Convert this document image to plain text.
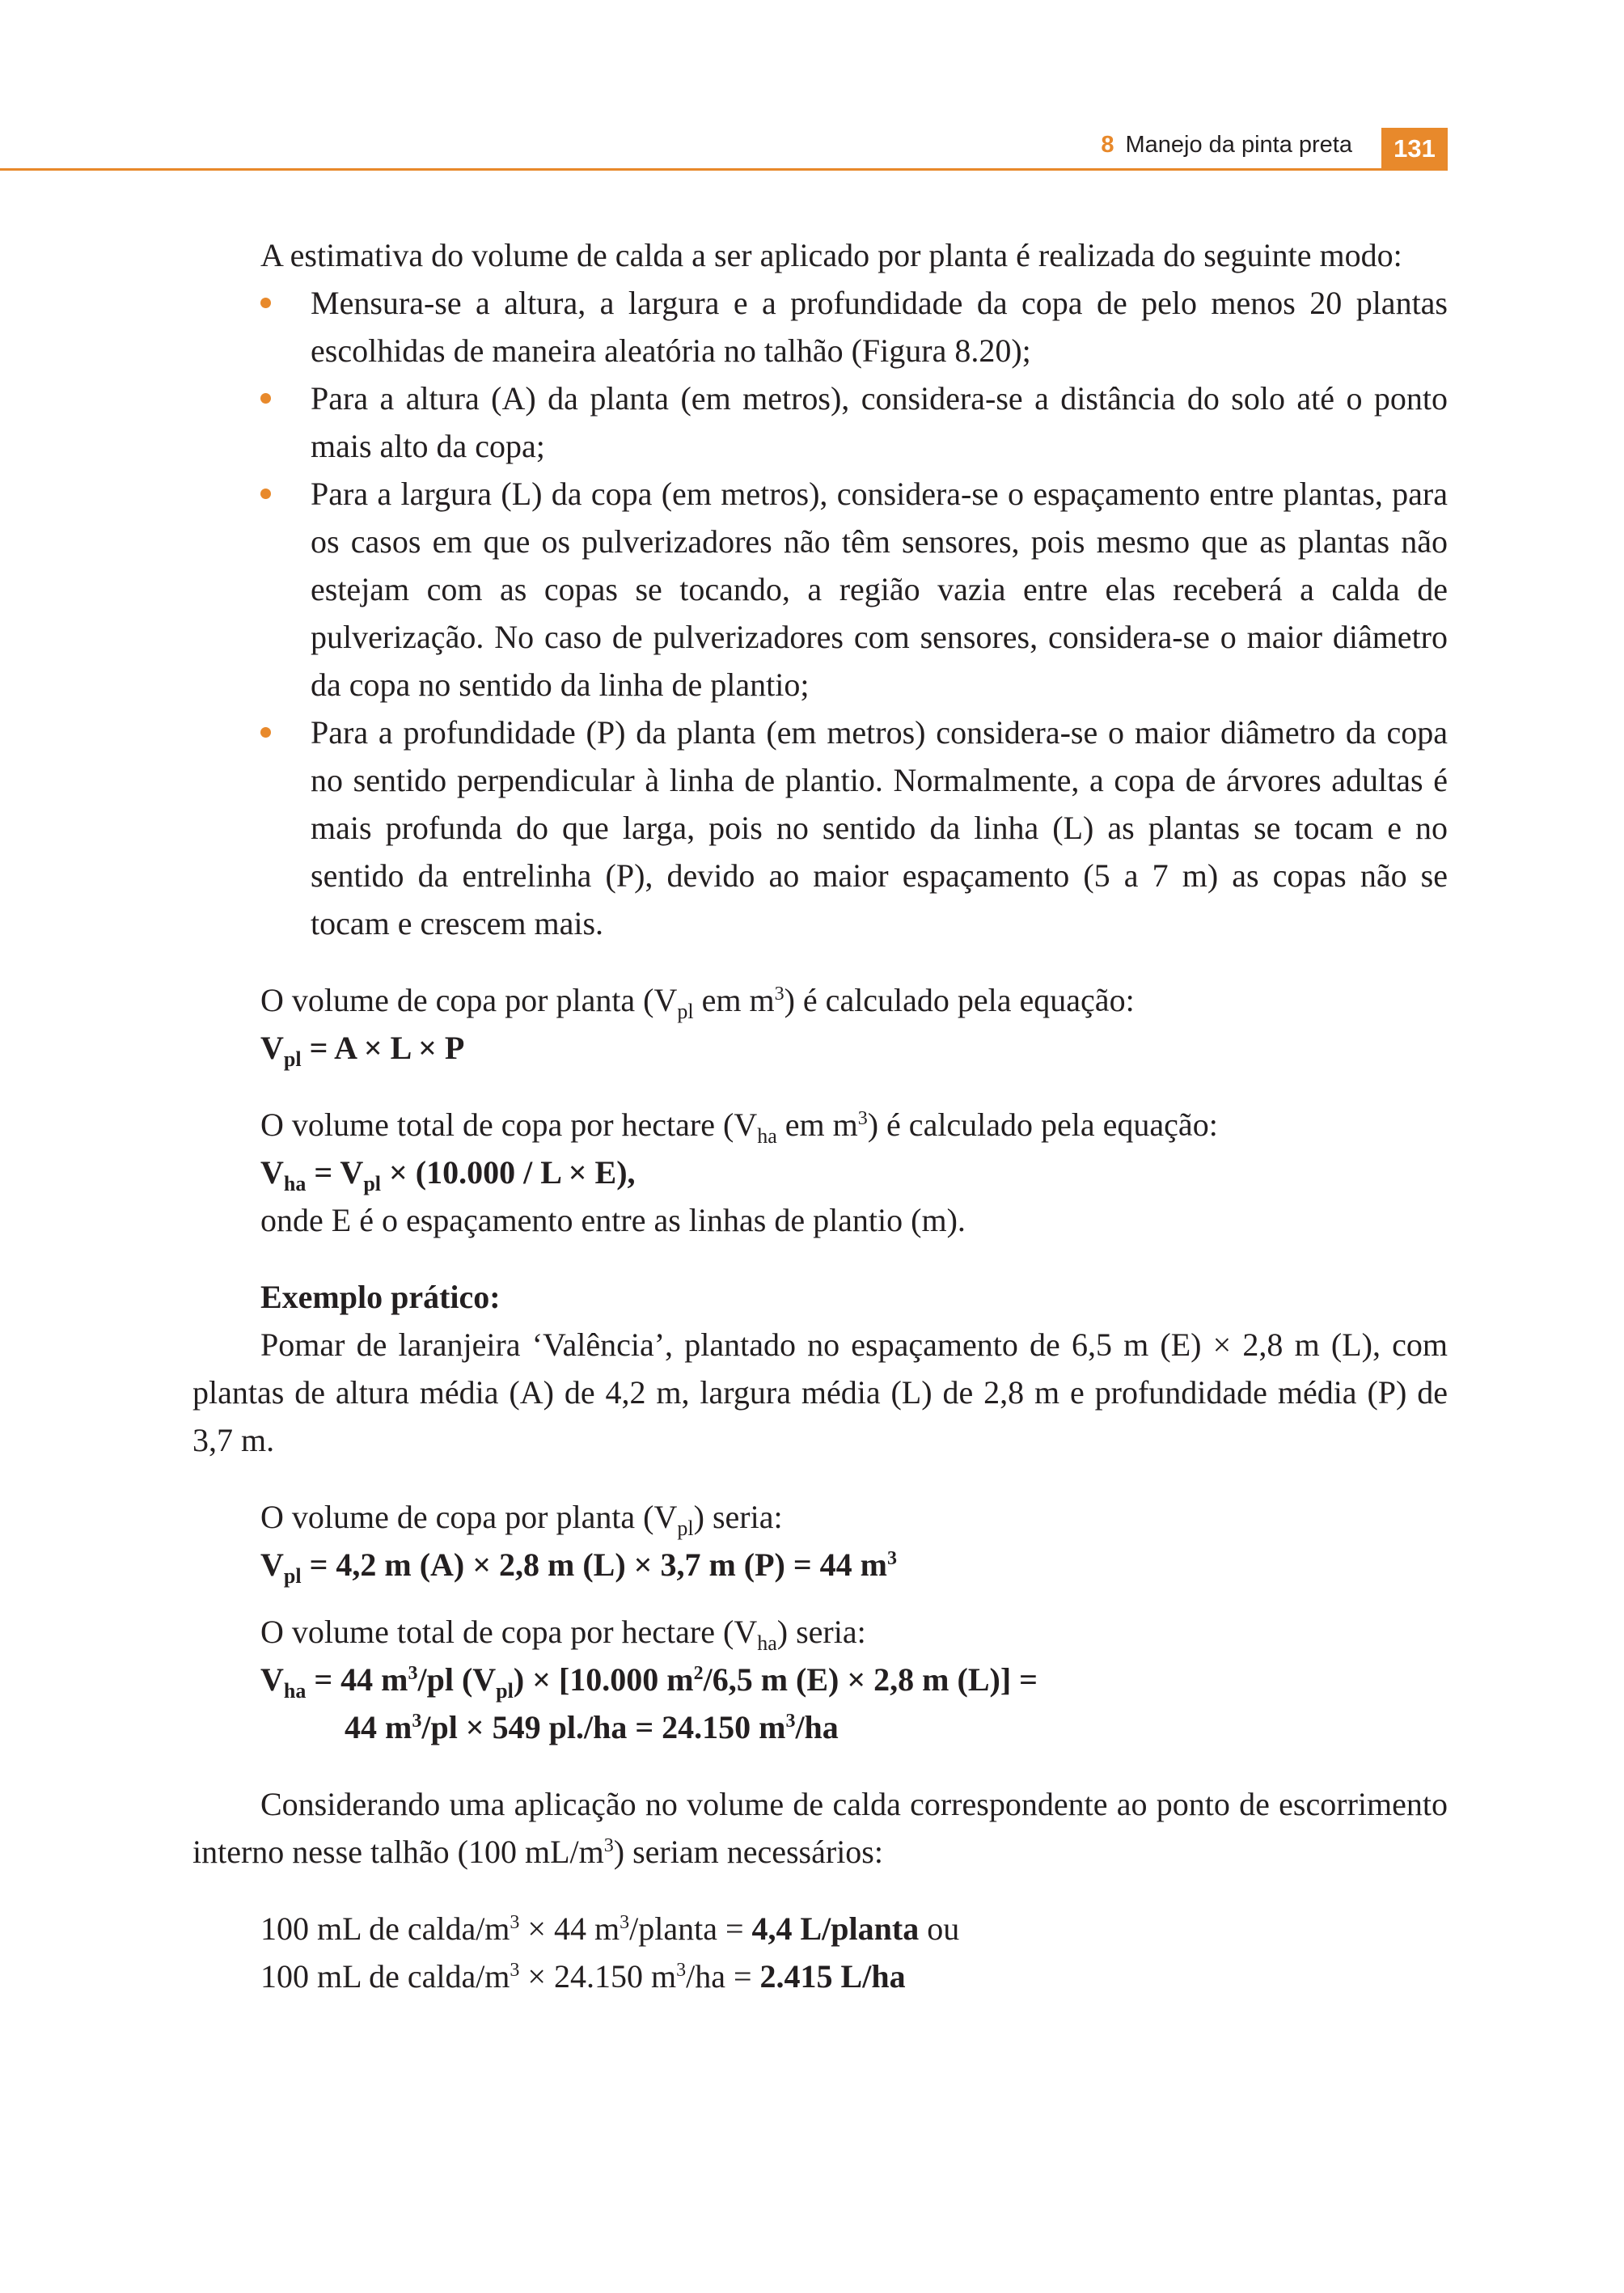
8 Manejo da pinta preta	131

A estimativa do volume de calda a ser aplicado por planta é realizada do seguinte modo:

Mensura-se a altura, a largura e a profundidade da copa de pelo menos 20 plantas escolhidas de maneira aleatória no talhão (Figura 8.20);

Para a altura (A) da planta (em metros), considera-se a distância do solo até o ponto mais alto da copa;

Para a largura (L) da copa (em metros), considera-se o espaçamento entre plantas, para os casos em que os pulverizadores não têm sensores, pois mesmo que as plantas não estejam com as copas se tocando, a região vazia entre elas receberá a calda de pulverização. No caso de pulverizadores com sensores, considera-se o maior diâmetro da copa no sentido da linha de plantio;

Para a profundidade (P) da planta (em metros) considera-se o maior diâmetro da copa no sentido perpendicular à linha de plantio. Normalmente, a copa de árvores adultas é mais profunda do que larga, pois no sentido da linha (L) as plantas se tocam e no sentido da entrelinha (P), devido ao maior espaçamento (5 a 7 m) as copas não se tocam e crescem mais.

O volume de copa por planta ($V_{pl}$ em $m^3$) é calculado pela equação:

$V_{pl} = A \times L \times P$

O volume total de copa por hectare ($V_{ha}$ em $m^3$) é calculado pela equação:

$V_{ha} = V_{pl} \times (10.000 / L \times E)$,

onde E é o espaçamento entre as linhas de plantio (m).

Exemplo prático:

Pomar de laranjeira ‘Valência’, plantado no espaçamento de 6,5 m (E) × 2,8 m (L), com plantas de altura média (A) de 4,2 m, largura média (L) de 2,8 m e profundidade média (P) de 3,7 m.

O volume de copa por planta $(V_{pl})$ seria:

$V_{pl} = 4,2$ m (A) × 2,8 m (L) × 3,7 m (P) = 44 $m^3$

O volume total de copa por hectare $(V_{ha})$ seria:

$V_{ha} = 44$ $m^3/pl$ $(V_{pl}) \times [10.000$ $m^2/6,5$ m (E) × 2,8 m (L)] =

44 $m^3/pl \times 549$ pl./ha = 24.150 $m^3/ha$

Considerando uma aplicação no volume de calda correspondente ao ponto de escorrimento interno nesse talhão (100 $mL/m^3$) seriam necessários:

100 mL de calda/$m^3 \times 44$ $m^3$/planta = 4,4 L/planta ou

100 mL de calda/$m^3 \times 24.150$ $m^3/ha = 2.415$ L/ha
